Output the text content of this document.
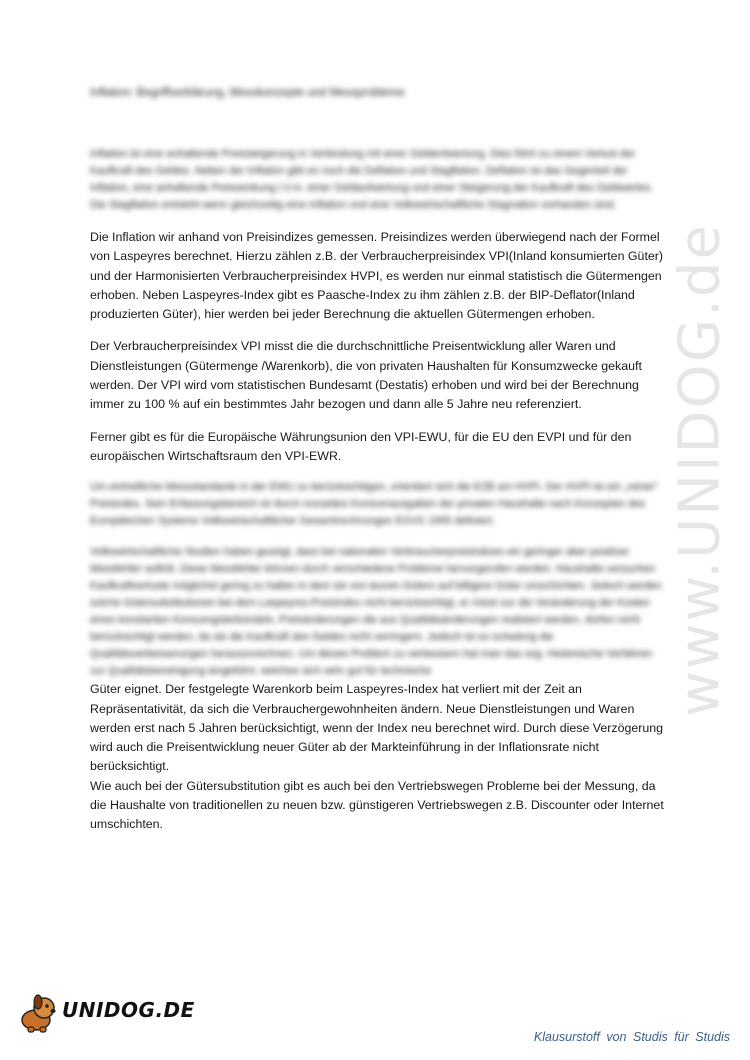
www.UNIDOG.de
Inflation: Begriffserklärung, Messkonzepte und Messprobleme

Inflation ist eine anhaltende Preissteigerung in Verbindung mit einer Geldentwertung. Dies führt zu einem Verlust der Kaufkraft des Geldes. Neben der Inflation gibt es noch die Deflation und Stagflation. Deflation ist das Gegenteil der Inflation, eine anhaltende Preissenkung i.V.m. einer Geldaufwertung und einer Steigerung der Kaufkraft des Geldwertes. Die Stagflation entsteht wenn gleichzeitig eine Inflation und eine Volkswirtschaftliche Stagnation vorhanden sind.

Die Inflation wir anhand von Preisindizes gemessen. Preisindizes werden überwiegend nach der Formel von Laspeyres berechnet. Hierzu zählen z.B. der Verbraucherpreisindex VPI(Inland konsumierten Güter) und der Harmonisierten Verbraucherpreisindex HVPI, es werden nur einmal statistisch die Gütermengen erhoben. Neben Laspeyres-Index gibt es Paasche-Index zu ihm zählen z.B. der BIP-Deflator(Inland produzierten Güter), hier werden bei jeder Berechnung die aktuellen Gütermengen erhoben.

Der Verbraucherpreisindex VPI misst die die durchschnittliche Preisentwicklung aller Waren und Dienstleistungen (Gütermenge /Warenkorb), die von privaten Haushalten für Konsumzwecke gekauft werden. Der VPI wird vom statistischen Bundesamt (Destatis) erhoben und wird bei der Berechnung immer zu 100 % auf ein bestimmtes Jahr bezogen und dann alle 5 Jahre neu referenziert.

Ferner gibt es für die Europäische Währungsunion den VPI-EWU, für die EU den EVPI und für den europäischen Wirtschaftsraum den VPI-EWR.

Um einheitliche Messstandards in der EWU zu berücksichtigen, orientiert sich die EZB am HVPI. Der HVPI ist ein „reiner“ Preisindex. Sein Erfassungsbereich ist durch monetäre Konsumausgaben der privaten Haushalte nach Konzepten des Europäischen Systems Volkswirtschaftlicher Gesamtrechnungen ESVG 1995 definiert.

Volkswirtschaftliche Studien haben gezeigt, dass bei nationalen Verbraucherpreisindizes ein geringer aber positiver Messfehler auftritt. Diese Messfehler können durch verschiedene Probleme hervorgerufen werden. Haushalte versuchen Kaufkraftverluste möglichst gering zu halten in dem sie von teuren Gütern auf billigere Güter umschichten. Jedoch werden solche Gütersubstitutionen bei dem Laspeyres-Preisindex nicht berücksichtigt, er misst nur die Veränderung der Kosten eines konstanten Konsumgüterbündels. Preisänderungen die aus Qualitätsänderungen realisiert werden, dürfen nicht berücksichtigt werden, da sie die Kaufkraft des Geldes nicht verringern. Jedoch ist es schwierig die Qualitätsverbesserungen herauszurechnen. Um dieses Problem zu verbessern hat man das sog. Hedonische Verfahren zur Qualitätsbereinigung eingeführt, welches sich sehr gut für technische

Güter eignet. Der festgelegte Warenkorb beim Laspeyres-Index hat verliert mit der Zeit an Repräsentativität, da sich die Verbrauchergewohnheiten ändern. Neue Dienstleistungen und Waren werden erst nach 5 Jahren berücksichtigt, wenn der Index neu berechnet wird. Durch diese Verzögerung wird auch die Preisentwicklung neuer Güter ab der Markteinführung in der Inflationsrate nicht berücksichtigt.

Wie auch bei der Gütersubstitution gibt es auch bei den Vertriebswegen Probleme bei der Messung, da die Haushalte von traditionellen zu neuen bzw. günstigeren Vertriebswegen z.B. Discounter oder Internet umschichten.

UNIDOG.DE
Klausurstoff von Studis für Studis
